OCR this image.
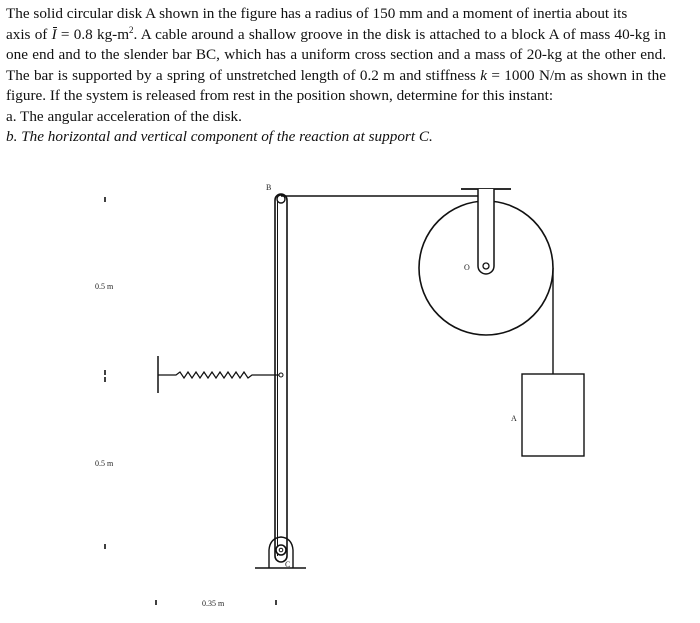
The solid circular disk A shown in the figure has a radius of 150 mm and a moment of inertia about its
axis of I = 0.8 $kg-m^2$. A cable around a shallow groove in the disk is attached to a block A of mass 40-kg in one end and to the slender bar BC, which has a uniform cross section and a mass of 20-kg at the other end. The bar is supported by a spring of unstretched length of 0.2 m and stiffness k = 1000 N/m as shown in the figure. If the system is released from rest in the position shown, determine for this instant:

a. The angular acceleration of the disk.

b. The horizontal and vertical component of the reaction at support C.

B
O
A
C
0.5 m
0.5 m
0.35 m
